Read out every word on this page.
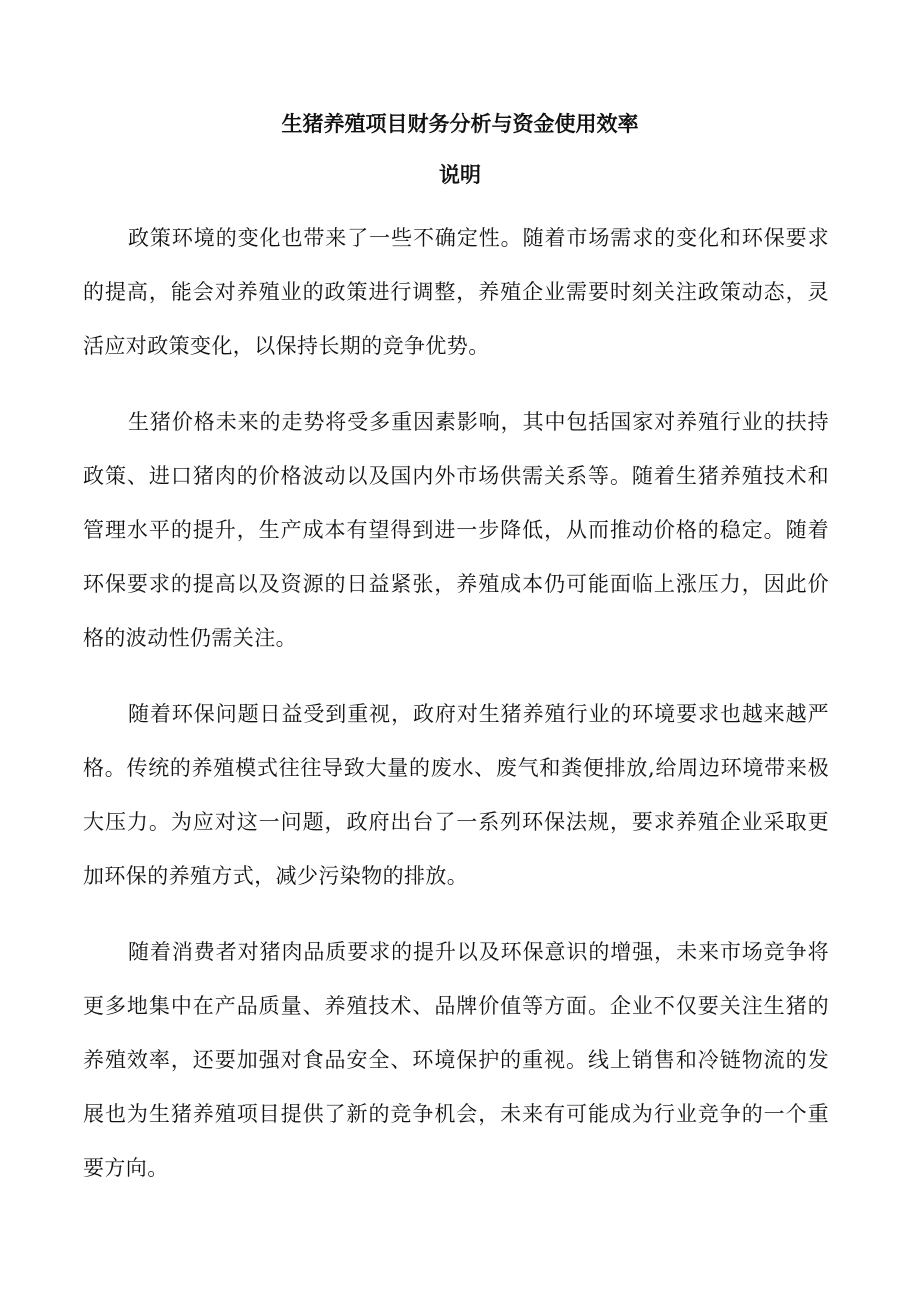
生猪养殖项目财务分析与资金使用效率
说明

政策环境的变化也带来了一些不确定性。随着市场需求的变化和环保要求的提高，能会对养殖业的政策进行调整，养殖企业需要时刻关注政策动态，灵活应对政策变化，以保持长期的竞争优势。

生猪价格未来的走势将受多重因素影响，其中包括国家对养殖行业的扶持政策、进口猪肉的价格波动以及国内外市场供需关系等。随着生猪养殖技术和管理水平的提升，生产成本有望得到进一步降低，从而推动价格的稳定。随着环保要求的提高以及资源的日益紧张，养殖成本仍可能面临上涨压力，因此价格的波动性仍需关注。

随着环保问题日益受到重视，政府对生猪养殖行业的环境要求也越来越严格。传统的养殖模式往往导致大量的废水、废气和粪便排放,给周边环境带来极大压力。为应对这一问题，政府出台了一系列环保法规，要求养殖企业采取更加环保的养殖方式，减少污染物的排放。

随着消费者对猪肉品质要求的提升以及环保意识的增强，未来市场竞争将更多地集中在产品质量、养殖技术、品牌价值等方面。企业不仅要关注生猪的养殖效率，还要加强对食品安全、环境保护的重视。线上销售和冷链物流的发展也为生猪养殖项目提供了新的竞争机会，未来有可能成为行业竞争的一个重要方向。
